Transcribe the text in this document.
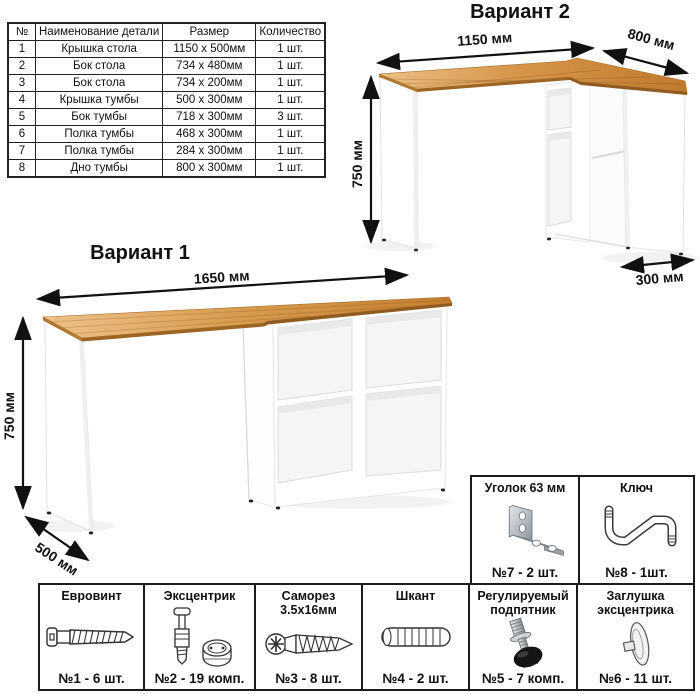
№	Наименование детали	Размер	Количество
1	Крышка стола	1150 x 500мм	1 шт.
2	Бок стола	734 x 480мм	1 шт.
3	Бок стола	734 x 200мм	1 шт.
4	Крышка тумбы	500 x 300мм	1 шт.
5	Бок тумбы	718 x 300мм	3 шт.
6	Полка тумбы	468 x 300мм	1 шт.
7	Полка тумбы	284 x 300мм	1 шт.
8	Дно тумбы	800 x 300мм	1 шт.
Вариант 2
Вариант 1
1150 мм	800 мм
750 мм
300 мм
1650 мм
750 мм
500 мм
Уголок 63 мм
№7 - 2 шт.
Ключ
№8 - 1шт.
Евровинт
№1 - 6 шт.
Эксцентрик
№2 - 19 комп.
Саморез 3.5x16мм
№3 - 8 шт.
Шкант
№4 - 2 шт.
Регулируемый подпятник
№5 - 7 комп.
Заглушка эксцентрика
№6 - 11 шт.
